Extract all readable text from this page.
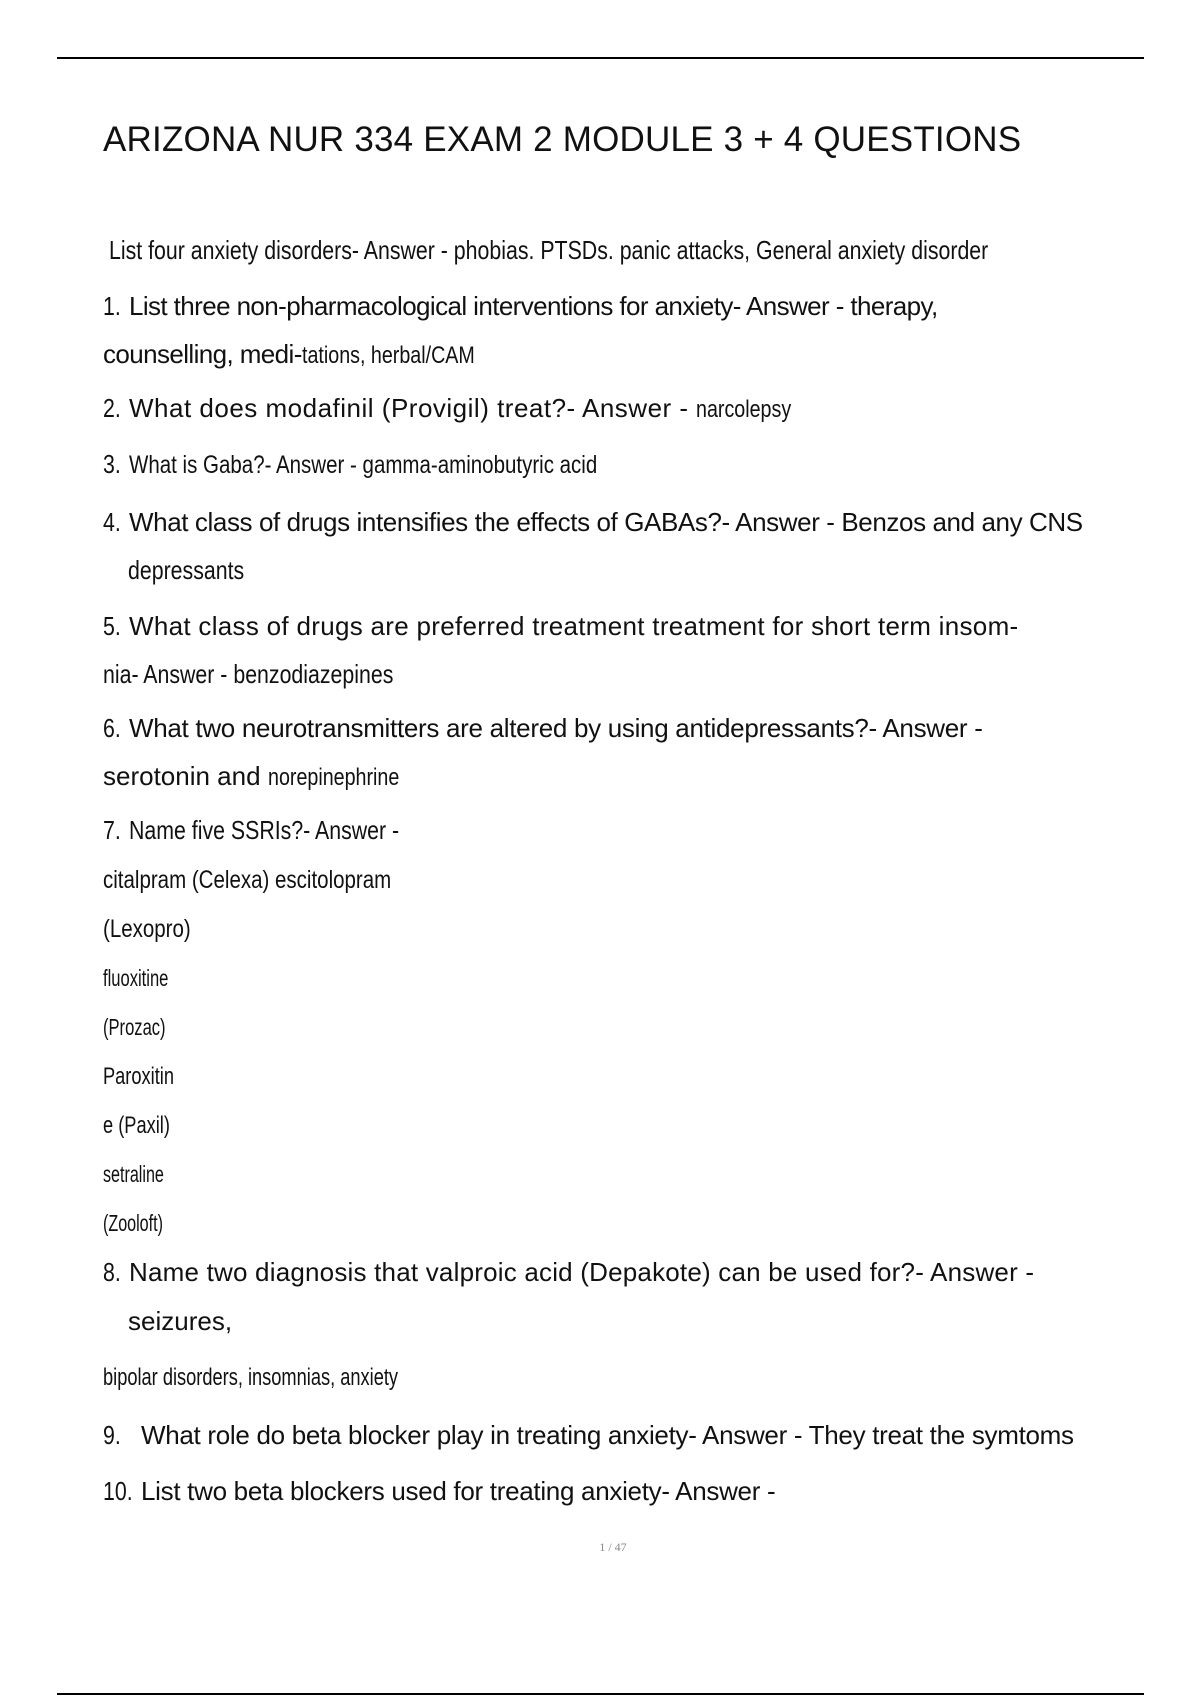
ARIZONA NUR 334 EXAM 2 MODULE 3 + 4 QUESTIONS
List four anxiety disorders- Answer - phobias. PTSDs. panic attacks, General anxiety disorder
1. List three non-pharmacological interventions for anxiety- Answer - therapy,
counselling, medi-tations, herbal/CAM
2. What does modafinil (Provigil) treat?- Answer - narcolepsy
3. What is Gaba?- Answer - gamma-aminobutyric acid
4. What class of drugs intensifies the effects of GABAs?- Answer - Benzos and any CNS
depressants
5. What class of drugs are preferred treatment treatment for short term insom-
nia- Answer - benzodiazepines
6. What two neurotransmitters are altered by using antidepressants?- Answer -
serotonin and norepinephrine
7. Name five SSRIs?- Answer -
citalpram (Celexa) escitolopram
(Lexopro)
fluoxitine
(Prozac)
Paroxitin
e (Paxil)
setraline
(Zooloft)
8. Name two diagnosis that valproic acid (Depakote) can be used for?- Answer -
seizures,
bipolar disorders, insomnias, anxiety
9. What role do beta blocker play in treating anxiety- Answer - They treat the symtoms
10. List two beta blockers used for treating anxiety- Answer -
1 / 47
